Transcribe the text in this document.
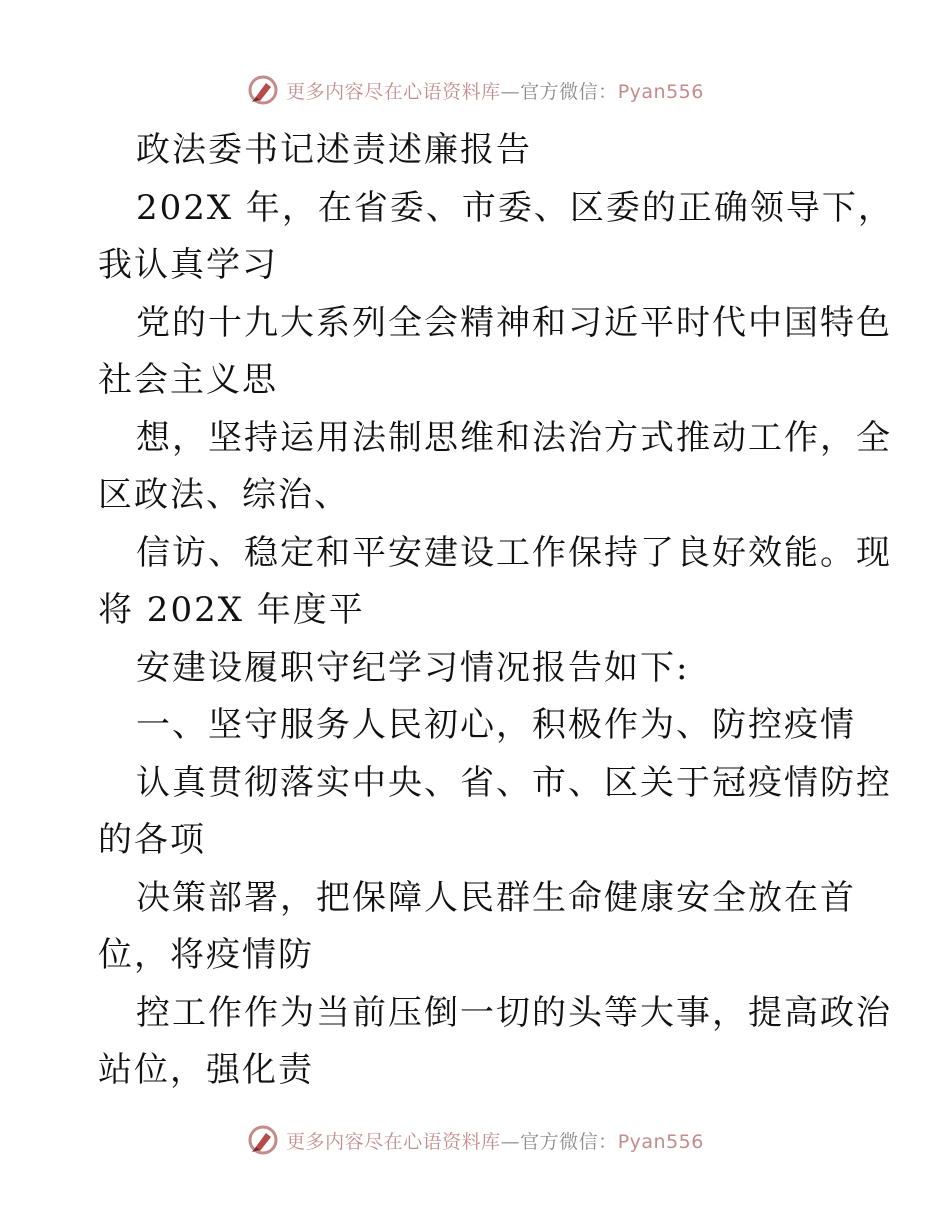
更多内容尽在心语资料库—官方微信：Pyan556
政法委书记述责述廉报告
202X 年，在省委、市委、区委的正确领导下，
我认真学习
党的十九大系列全会精神和习近平时代中国特色
社会主义思
想，坚持运用法制思维和法治方式推动工作，全
区政法、综治、
信访、稳定和平安建设工作保持了良好效能。现
将 202X 年度平
安建设履职守纪学习情况报告如下:
一、坚守服务人民初心，积极作为、防控疫情
认真贯彻落实中央、省、市、区关于冠疫情防控
的各项
决策部署，把保障人民群生命健康安全放在首
位，将疫情防
控工作作为当前压倒一切的头等大事，提高政治
站位，强化责
更多内容尽在心语资料库—官方微信：Pyan556
